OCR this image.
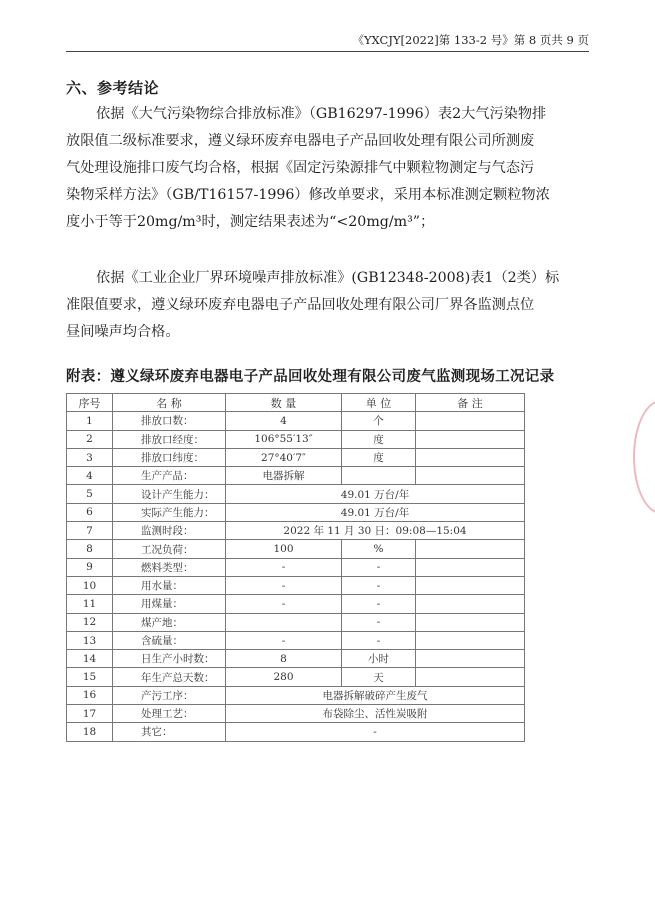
《YXCJY[2022]第 133-2 号》第 8 页共 9 页
六、参考结论
依据《大气污染物综合排放标准》（GB16297-1996）表2大气污染物排
放限值二级标准要求，遵义绿环废弃电器电子产品回收处理有限公司所测废
气处理设施排口废气均合格，根据《固定污染源排气中颗粒物测定与气态污
染物采样方法》（GB/T16157-1996）修改单要求，采用本标准测定颗粒物浓
度小于等于20mg/m³时，测定结果表述为“<20mg/m³”；
依据《工业企业厂界环境噪声排放标准》(GB12348-2008)表1（2类）标
准限值要求，遵义绿环废弃电器电子产品回收处理有限公司厂界各监测点位
昼间噪声均合格。
附表：遵义绿环废弃电器电子产品回收处理有限公司废气监测现场工况记录
序号	名 称	数 量	单 位	备 注
1	排放口数：	4	个	
2	排放口经度：	106°55′13″	度	
3	排放口纬度：	27°40′7″	度	
4	生产产品：	电器拆解		
5	设计产生能力：	49.01 万台/年		
6	实际产生能力：	49.01 万台/年		
7	监测时段：	2022 年 11 月 30 日：09:08—15:04		
8	工况负荷：	100	%	
9	燃料类型：	-	-	
10	用水量：	-	-	
11	用煤量：	-	-	
12	煤产地：		-	
13	含硫量：	-	-	
14	日生产小时数：	8	小时	
15	年生产总天数：	280	天	
16	产污工序：	电器拆解破碎产生废气		
17	处理工艺：	布袋除尘、活性炭吸附		
18	其它：	-		
